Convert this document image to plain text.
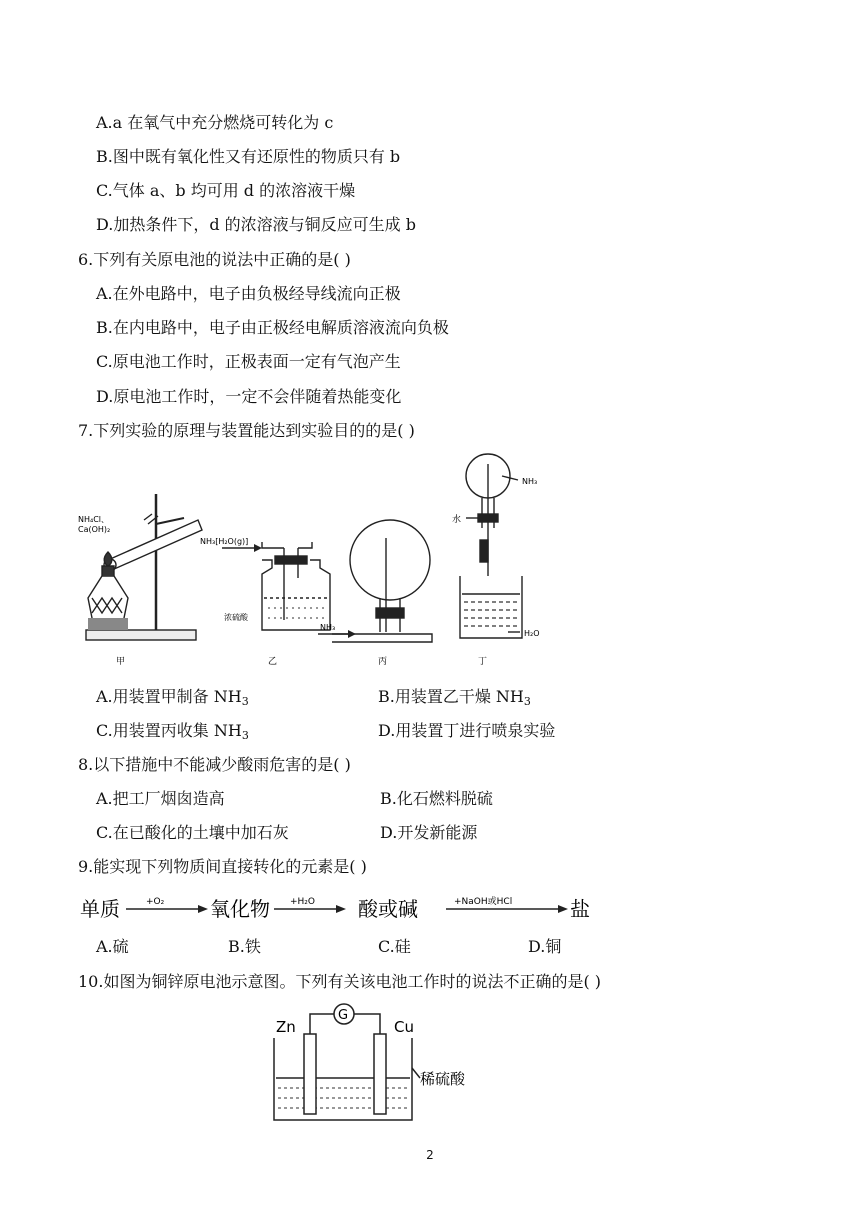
A.a 在氧气中充分燃烧可转化为 c
B.图中既有氧化性又有还原性的物质只有 b
C.气体 a、b 均可用 d 的浓溶液干燥
D.加热条件下，d 的浓溶液与铜反应可生成 b
6.下列有关原电池的说法中正确的是( )
A.在外电路中，电子由负极经导线流向正极
B.在内电路中，电子由正极经电解质溶液流向负极
C.原电池工作时，正极表面一定有气泡产生
D.原电池工作时，一定不会伴随着热能变化
7.下列实验的原理与装置能达到实验目的的是( )
NH₄Cl、
Ca(OH)₂
NH₃[H₂O(g)]
浓硫酸
NH₃
NH₃
水
H₂O
甲	乙	丙	丁
A.用装置甲制备 $NH_3$	B.用装置乙干燥 $NH_3$
C.用装置丙收集 $NH_3$	D.用装置丁进行喷泉实验
8.以下措施中不能减少酸雨危害的是( )
A.把工厂烟囱造高	B.化石燃料脱硫
C.在已酸化的土壤中加石灰	D.开发新能源
9.能实现下列物质间直接转化的元素是( )
单质	+O₂ 氧化物 +H₂O 酸或碱	+NaOH或HCl	盐
A.硫	B.铁	C.硅	D.铜
10.如图为铜锌原电池示意图。下列有关该电池工作时的说法不正确的是( )
Zn	Cu
G
稀硫酸
2
